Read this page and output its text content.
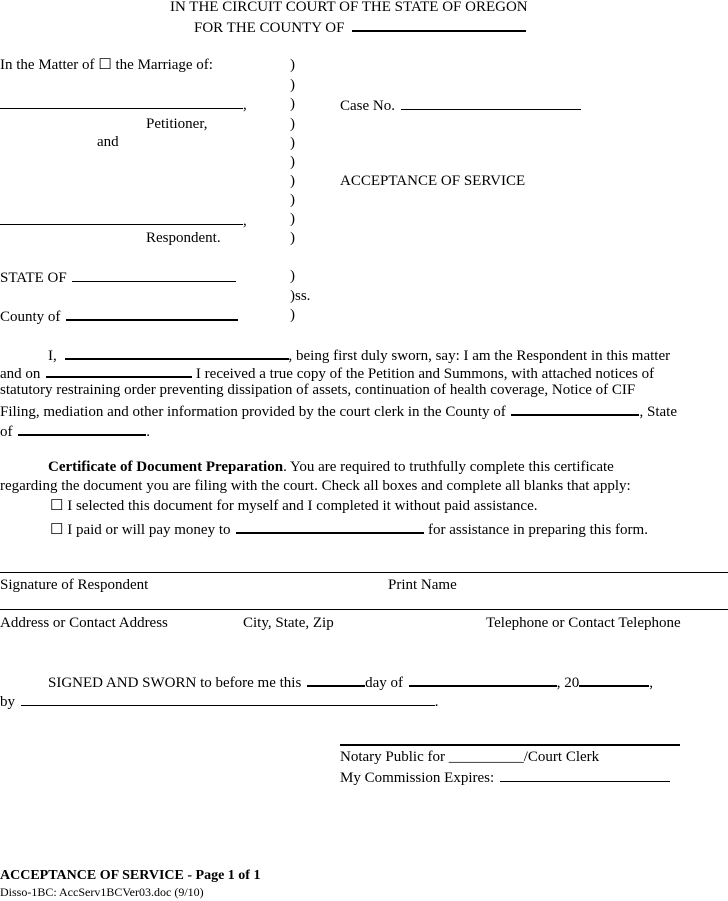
IN THE CIRCUIT COURT OF THE STATE OF OREGON
FOR THE COUNTY OF
In the Matter of ☐ the Marriage of:
,
Petitioner,
and
,
Respondent.
)
)
)
)
)
)
)
)
)
)
Case No.
ACCEPTANCE OF SERVICE
STATE OF	)
)ss.
County of	)
I,	, being first duly sworn, say: I am the Respondent in this matter
and on	I received a true copy of the Petition and Summons, with attached notices of
statutory restraining order preventing dissipation of assets, continuation of health coverage, Notice of CIF
Filing, mediation and other information provided by the court clerk in the County of	, State
of	.
Certificate of Document Preparation. You are required to truthfully complete this certificate
regarding the document you are filing with the court. Check all boxes and complete all blanks that apply:
☐ I selected this document for myself and I completed it without paid assistance.
☐ I paid or will pay money to	for assistance in preparing this form.
Signature of Respondent	Print Name
Address or Contact Address	City, State, Zip	Telephone or Contact Telephone
SIGNED AND SWORN to before me this	day of	, 20	,
by	.
Notary Public for __________/Court Clerk
My Commission Expires:
ACCEPTANCE OF SERVICE - Page 1 of 1
Disso-1BC: AccServ1BCVer03.doc (9/10)
